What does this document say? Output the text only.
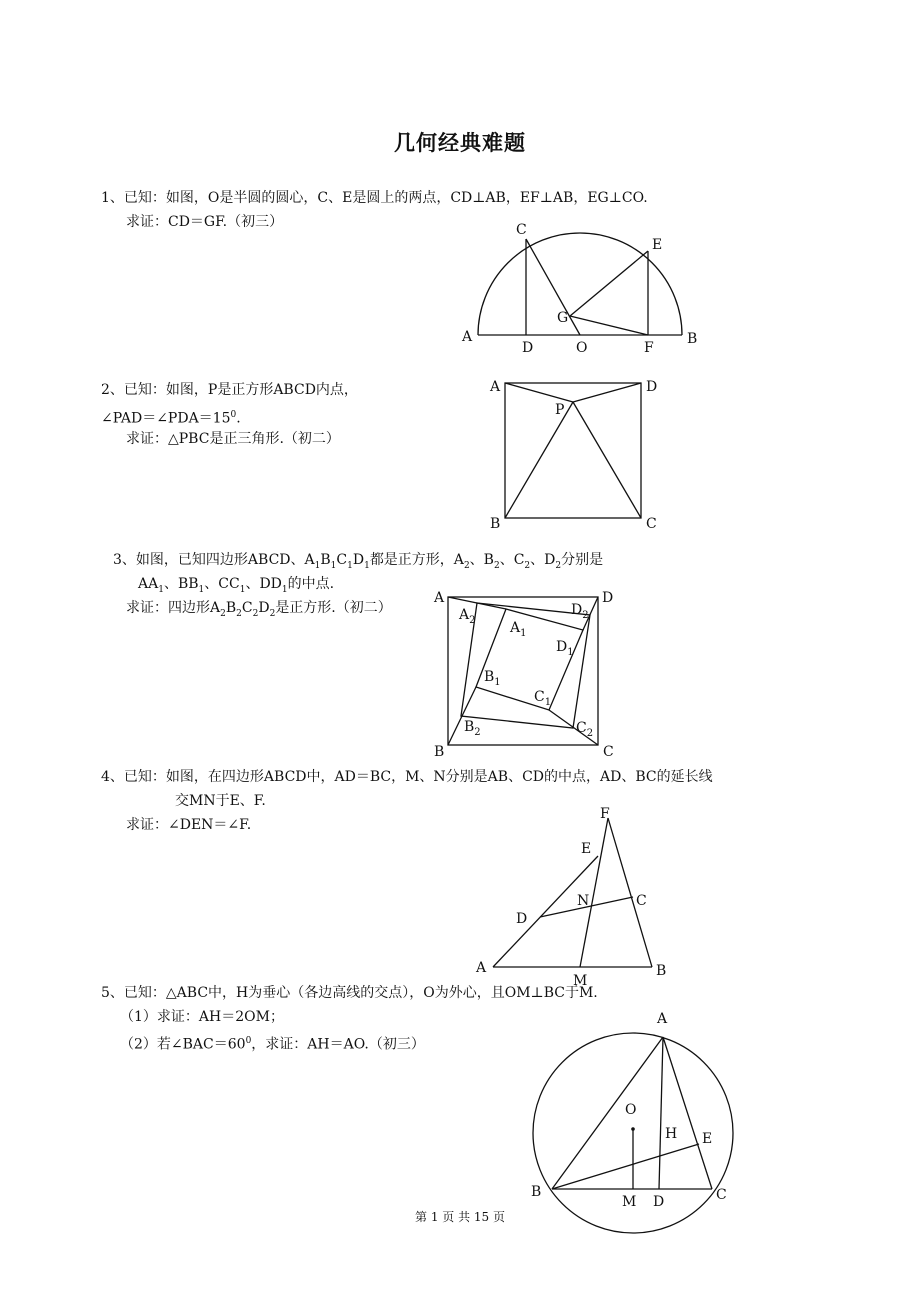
几何经典难题
1、已知：如图，O是半圆的圆心，C、E是圆上的两点，CD⊥AB，EF⊥AB，EG⊥CO.
求证：CD＝GF.（初三）
2、已知：如图，P是正方形ABCD内点，
$\angle PAD=\angle PDA=15^0$.
求证：△PBC是正三角形.（初二）
3、如图，已知四边形ABCD、$A_1B_1C_1D_1$都是正方形，$A_2$、$B_2$、$C_2$、$D_2$分别是
$AA_1$、$BB_1$、$CC_1$、$DD_1$的中点.
求证：四边形$A_2B_2C_2D_2$是正方形.（初二）
4、已知：如图，在四边形ABCD中，AD＝BC，M、N分别是AB、CD的中点，AD、BC的延长线
交MN于E、F.
求证：∠DEN＝∠F.
5、已知：△ABC中，H为垂心（各边高线的交点），O为外心，且OM⊥BC于M.
（1）求证：AH＝2OM；
（2）若$\angle BAC=60^0$，求证：AH＝AO.（初三）
C
E
G
A
D	O	F
B
A	D
P
B	C
A	D
B	C
$A_2$ $A_1$
$D_2$
$D_1$
$B_1$
$C_1$
$B_2$	$C_2$
F
E
N	C
D
A
M
B
A
O
H E
B
M D	C
第 1 页 共 15 页
